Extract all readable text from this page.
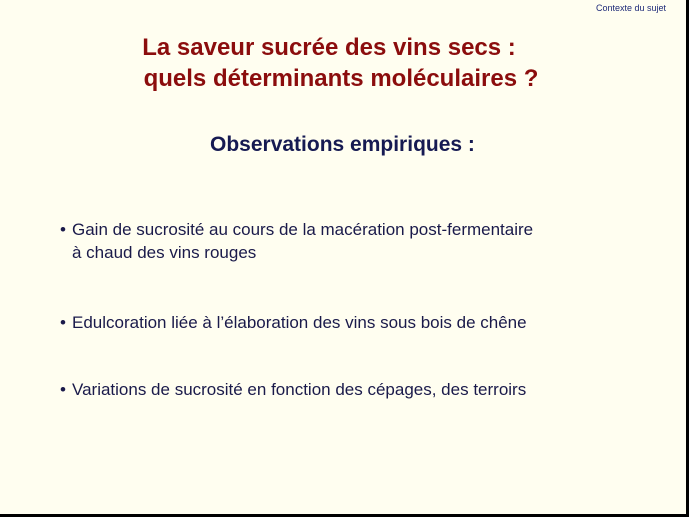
Contexte du sujet
La saveur sucrée des vins secs :
quels déterminants moléculaires ?
Observations empiriques :
• Gain de sucrosité au cours de la macération post-fermentaire
à chaud des vins rouges
• Edulcoration liée à l’élaboration des vins sous bois de chêne
• Variations de sucrosité en fonction des cépages, des terroirs
